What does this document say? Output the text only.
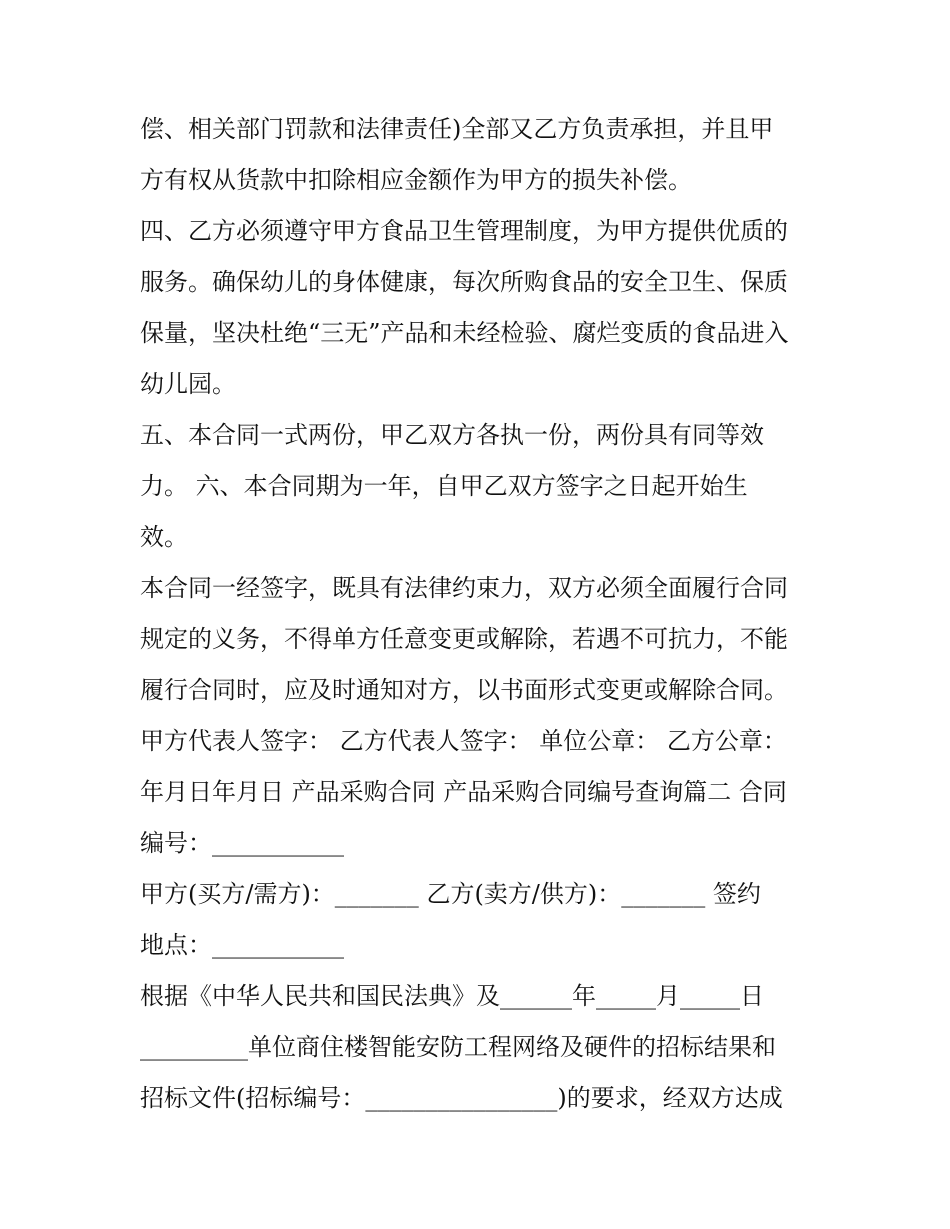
偿、相关部门罚款和法律责任)全部又乙方负责承担，并且甲
方有权从货款中扣除相应金额作为甲方的损失补偿。
四、乙方必须遵守甲方食品卫生管理制度，为甲方提供优质的
服务。确保幼儿的身体健康，每次所购食品的安全卫生、保质
保量，坚决杜绝“三无”产品和未经检验、腐烂变质的食品进入
幼儿园。
五、本合同一式两份，甲乙双方各执一份，两份具有同等效
力。 六、本合同期为一年，自甲乙双方签字之日起开始生
效。
本合同一经签字，既具有法律约束力，双方必须全面履行合同
规定的义务，不得单方任意变更或解除，若遇不可抗力，不能
履行合同时，应及时通知对方，以书面形式变更或解除合同。
甲方代表人签字： 乙方代表人签字： 单位公章： 乙方公章：
年月日年月日 产品采购合同 产品采购合同编号查询篇二 合同
编号：___________
甲方(买方/需方)：_______ 乙方(卖方/供方)：_______ 签约
地点：___________
根据《中华人民共和国民法典》及______年_____月_____日
_________单位商住楼智能安防工程网络及硬件的招标结果和
招标文件(招标编号：________________)的要求，经双方达成
